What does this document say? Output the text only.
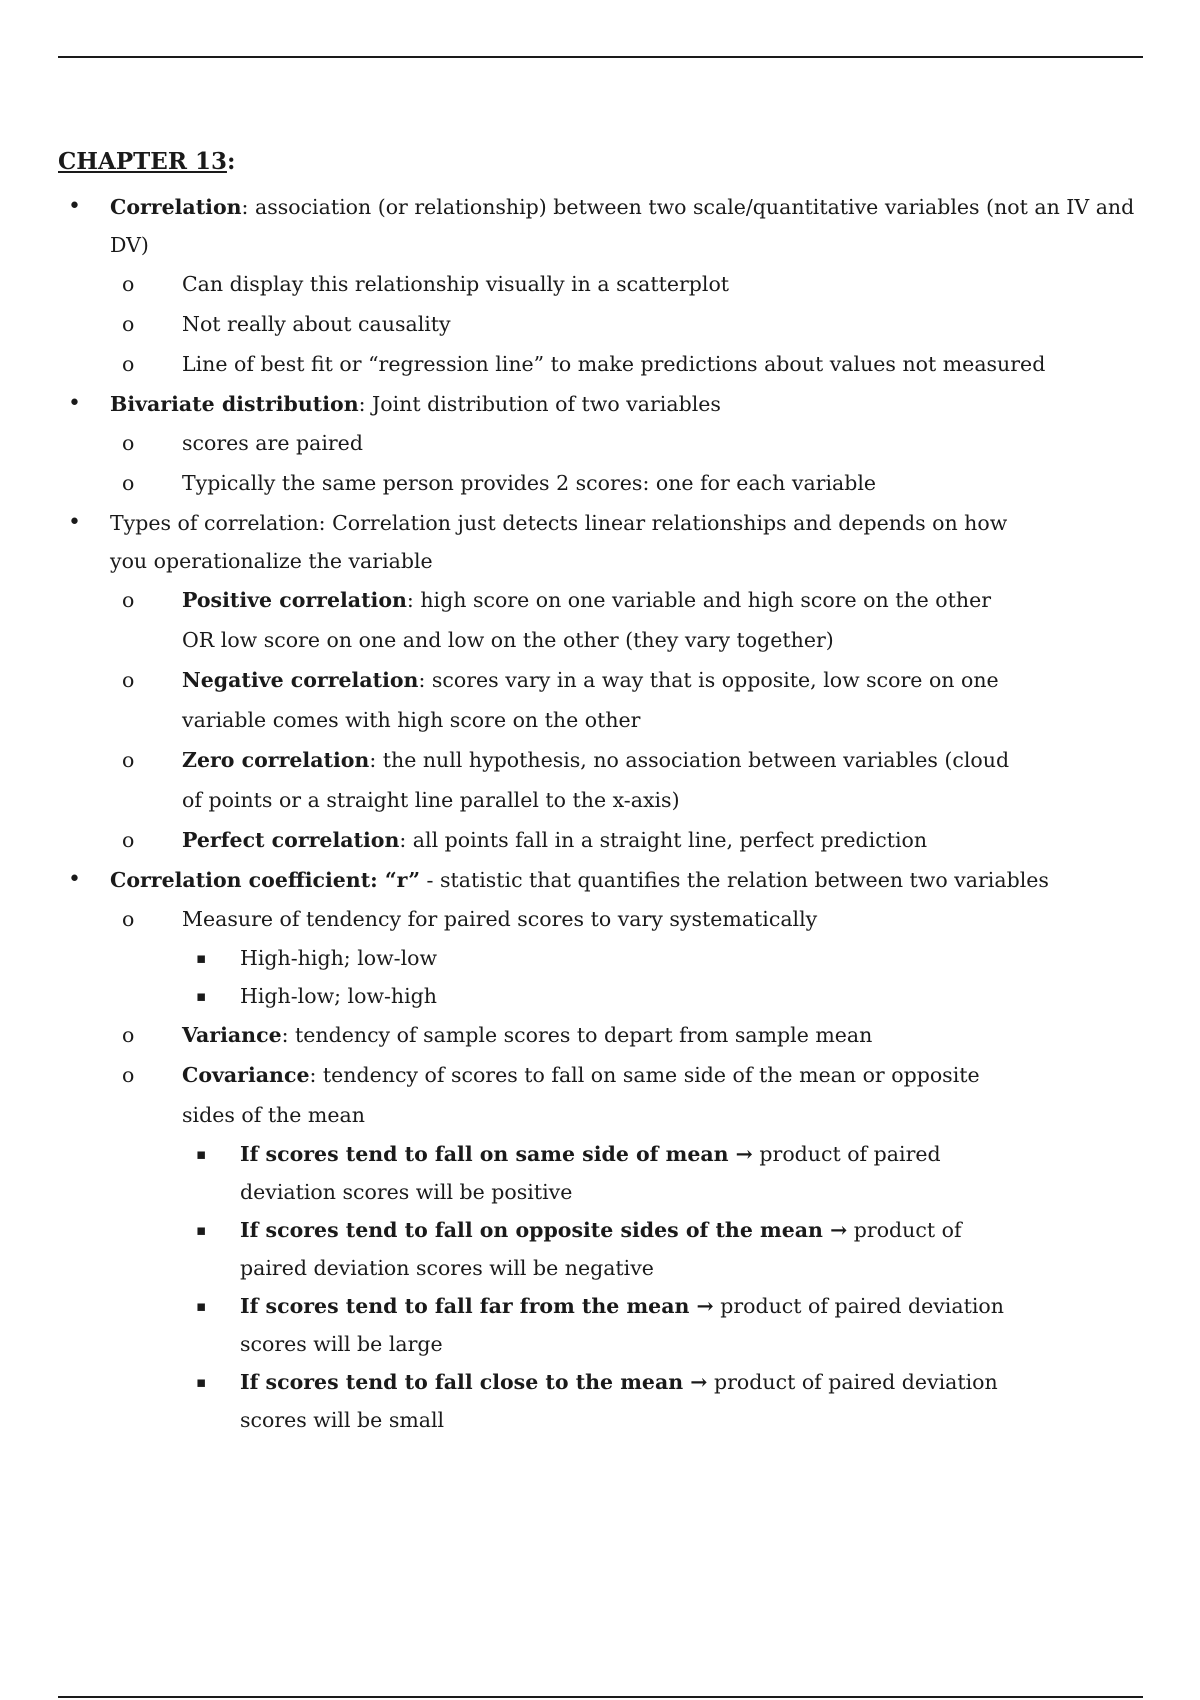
CHAPTER 13:
• Correlation: association (or relationship) between two scale/quantitative variables (not an IV and DV)
o Can display this relationship visually in a scatterplot
o Not really about causality
o Line of best fit or “regression line” to make predictions about values not measured
• Bivariate distribution: Joint distribution of two variables
o scores are paired
o Typically the same person provides 2 scores: one for each variable
• Types of correlation: Correlation just detects linear relationships and depends on how you operationalize the variable
o Positive correlation: high score on one variable and high score on the other OR low score on one and low on the other (they vary together)
o Negative correlation: scores vary in a way that is opposite, low score on one variable comes with high score on the other
o Zero correlation: the null hypothesis, no association between variables (cloud of points or a straight line parallel to the x-axis)
o Perfect correlation: all points fall in a straight line, perfect prediction
• Correlation coefficient: “r” - statistic that quantifies the relation between two variables
o Measure of tendency for paired scores to vary systematically
▪ High-high; low-low
▪ High-low; low-high
o Variance: tendency of sample scores to depart from sample mean
o Covariance: tendency of scores to fall on same side of the mean or opposite sides of the mean
▪ If scores tend to fall on same side of mean → product of paired deviation scores will be positive
▪ If scores tend to fall on opposite sides of the mean → product of paired deviation scores will be negative
▪ If scores tend to fall far from the mean → product of paired deviation scores will be large
▪ If scores tend to fall close to the mean → product of paired deviation scores will be small
